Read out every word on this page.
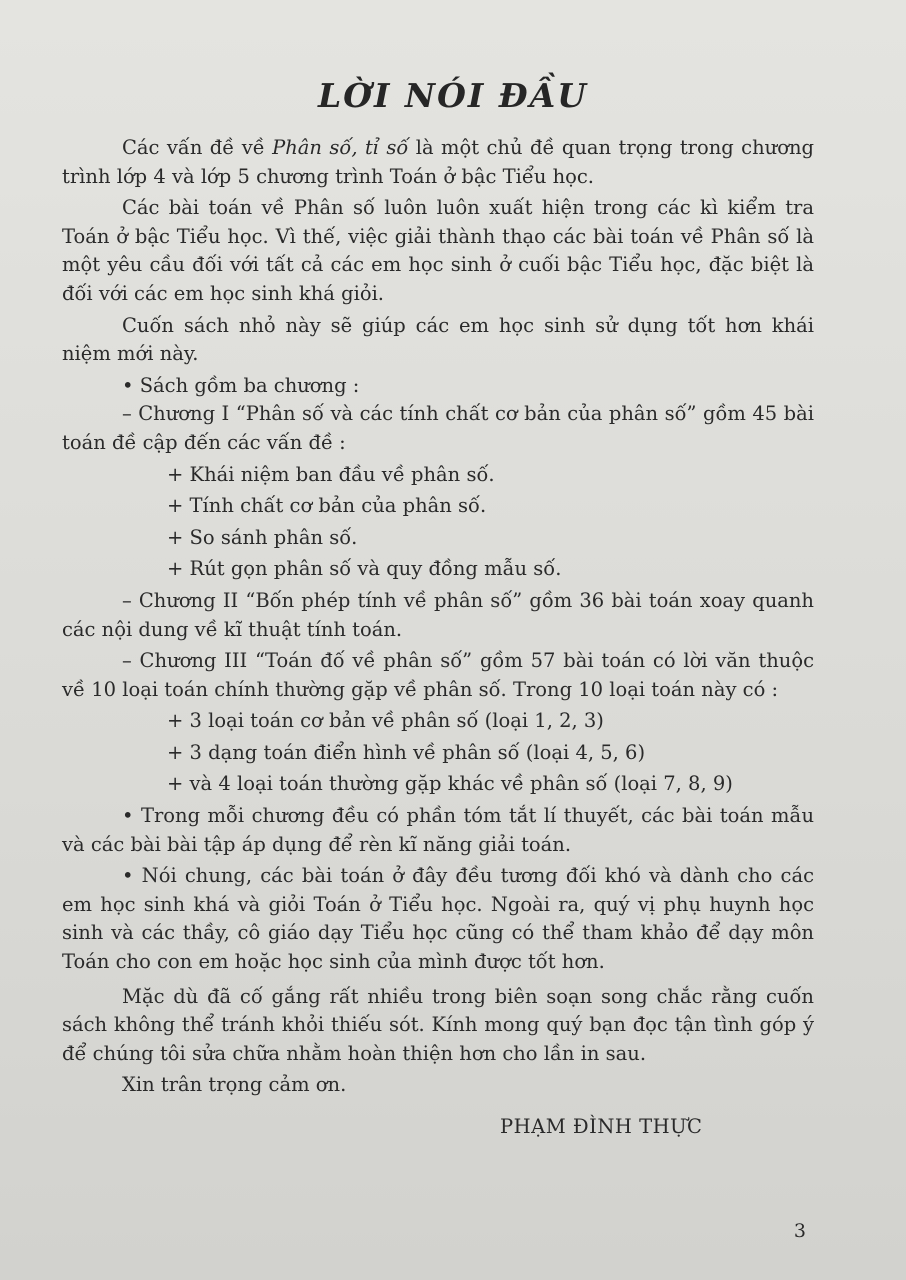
LỜI NÓI ĐẦU

Các vấn đề về Phân số, tỉ số là một chủ đề quan trọng trong chương trình lớp 4 và lớp 5 chương trình Toán ở bậc Tiểu học.

Các bài toán về Phân số luôn luôn xuất hiện trong các kì kiểm tra Toán ở bậc Tiểu học. Vì thế, việc giải thành thạo các bài toán về Phân số là một yêu cầu đối với tất cả các em học sinh ở cuối bậc Tiểu học, đặc biệt là đối với các em học sinh khá giỏi.

Cuốn sách nhỏ này sẽ giúp các em học sinh sử dụng tốt hơn khái niệm mới này.

• Sách gồm ba chương :

– Chương I “Phân số và các tính chất cơ bản của phân số” gồm 45 bài toán đề cập đến các vấn đề :

+ Khái niệm ban đầu về phân số.

+ Tính chất cơ bản của phân số.

+ So sánh phân số.

+ Rút gọn phân số và quy đồng mẫu số.

– Chương II “Bốn phép tính về phân số” gồm 36 bài toán xoay quanh các nội dung về kĩ thuật tính toán.

– Chương III “Toán đố về phân số” gồm 57 bài toán có lời văn thuộc về 10 loại toán chính thường gặp về phân số. Trong 10 loại toán này có :

+ 3 loại toán cơ bản về phân số (loại 1, 2, 3)

+ 3 dạng toán điển hình về phân số (loại 4, 5, 6)

+ và 4 loại toán thường gặp khác về phân số (loại 7, 8, 9)

• Trong mỗi chương đều có phần tóm tắt lí thuyết, các bài toán mẫu và các bài bài tập áp dụng để rèn kĩ năng giải toán.

• Nói chung, các bài toán ở đây đều tương đối khó và dành cho các em học sinh khá và giỏi Toán ở Tiểu học. Ngoài ra, quý vị phụ huynh học sinh và các thầy, cô giáo dạy Tiểu học cũng có thể tham khảo để dạy môn Toán cho con em hoặc học sinh của mình được tốt hơn.

Mặc dù đã cố gắng rất nhiều trong biên soạn song chắc rằng cuốn sách không thể tránh khỏi thiếu sót. Kính mong quý bạn đọc tận tình góp ý để chúng tôi sửa chữa nhằm hoàn thiện hơn cho lần in sau.

Xin trân trọng cảm ơn.

PHẠM ĐÌNH THỰC
3
